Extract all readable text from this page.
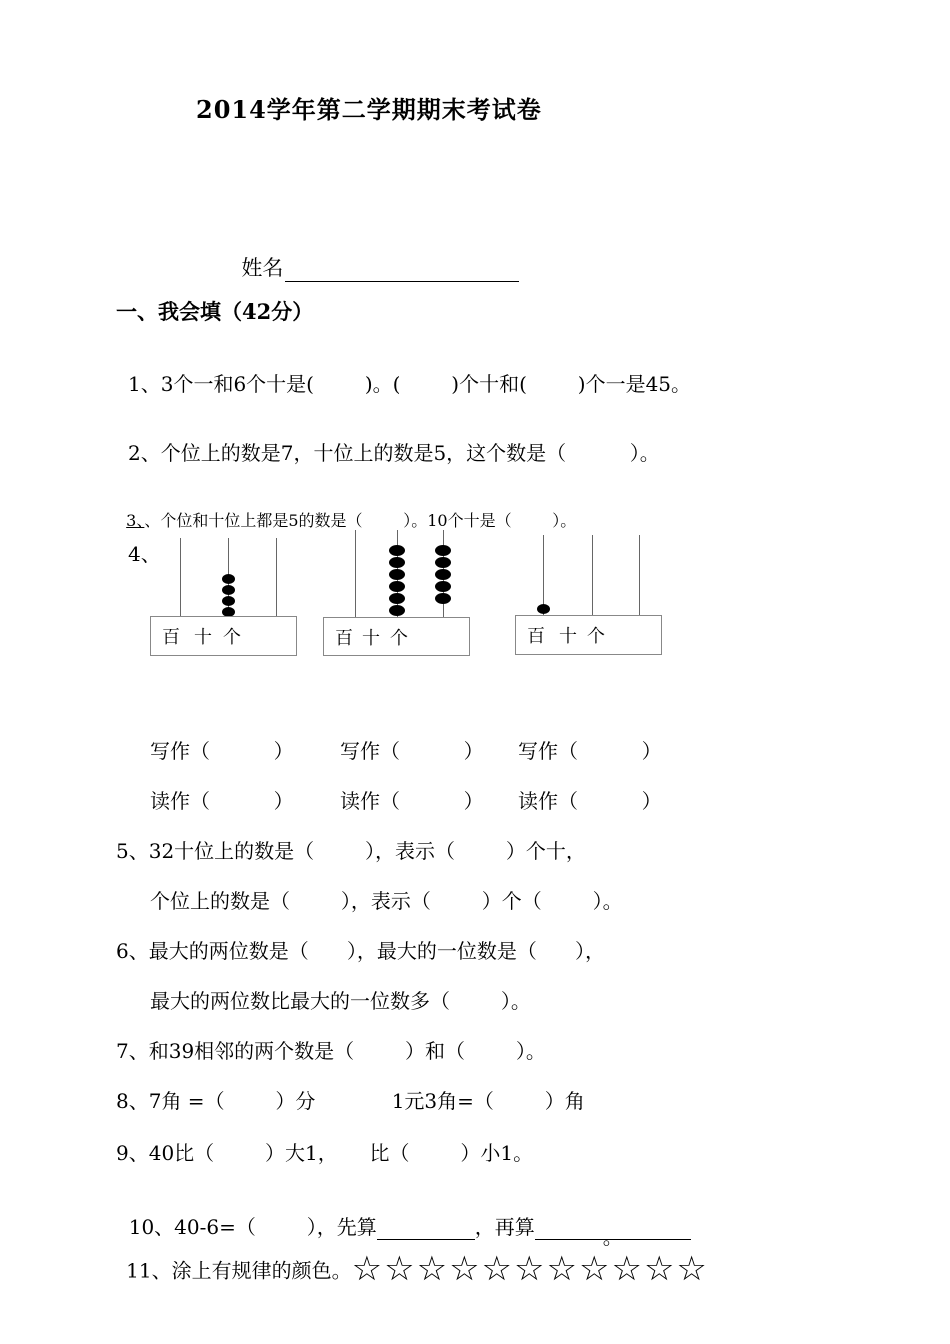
2014学年第二学期期末考试卷

姓名

一、我会填（42分）
1、3个一和6个十是(        )。(        )个十和(        )个一是45。
2、个位上的数是7，十位上的数是5，这个数是（          ）。

3、、个位和十位上都是5的数是（        ）。10个十是（        ）。

4、
百 十 个	百 十 个	百 十 个
写作（          ） 写作（          ） 写作（          ）
读作（          ） 读作（          ） 读作（          ）
5、32十位上的数是（        ），表示（        ）个十，
个位上的数是（        ），表示（        ）个（        ）。
6、最大的两位数是（      ），最大的一位数是（      ），
最大的两位数比最大的一位数多（        ）。
7、和39相邻的两个数是（        ）和（        ）。
8、7角 =（        ）分            1元3角=（        ）角
9、40比（        ）大1，     比（        ）小1。

10、40-6=（        ），先算	，再算	。

11、涂上有规律的颜色。☆☆☆☆☆☆☆☆☆☆☆
